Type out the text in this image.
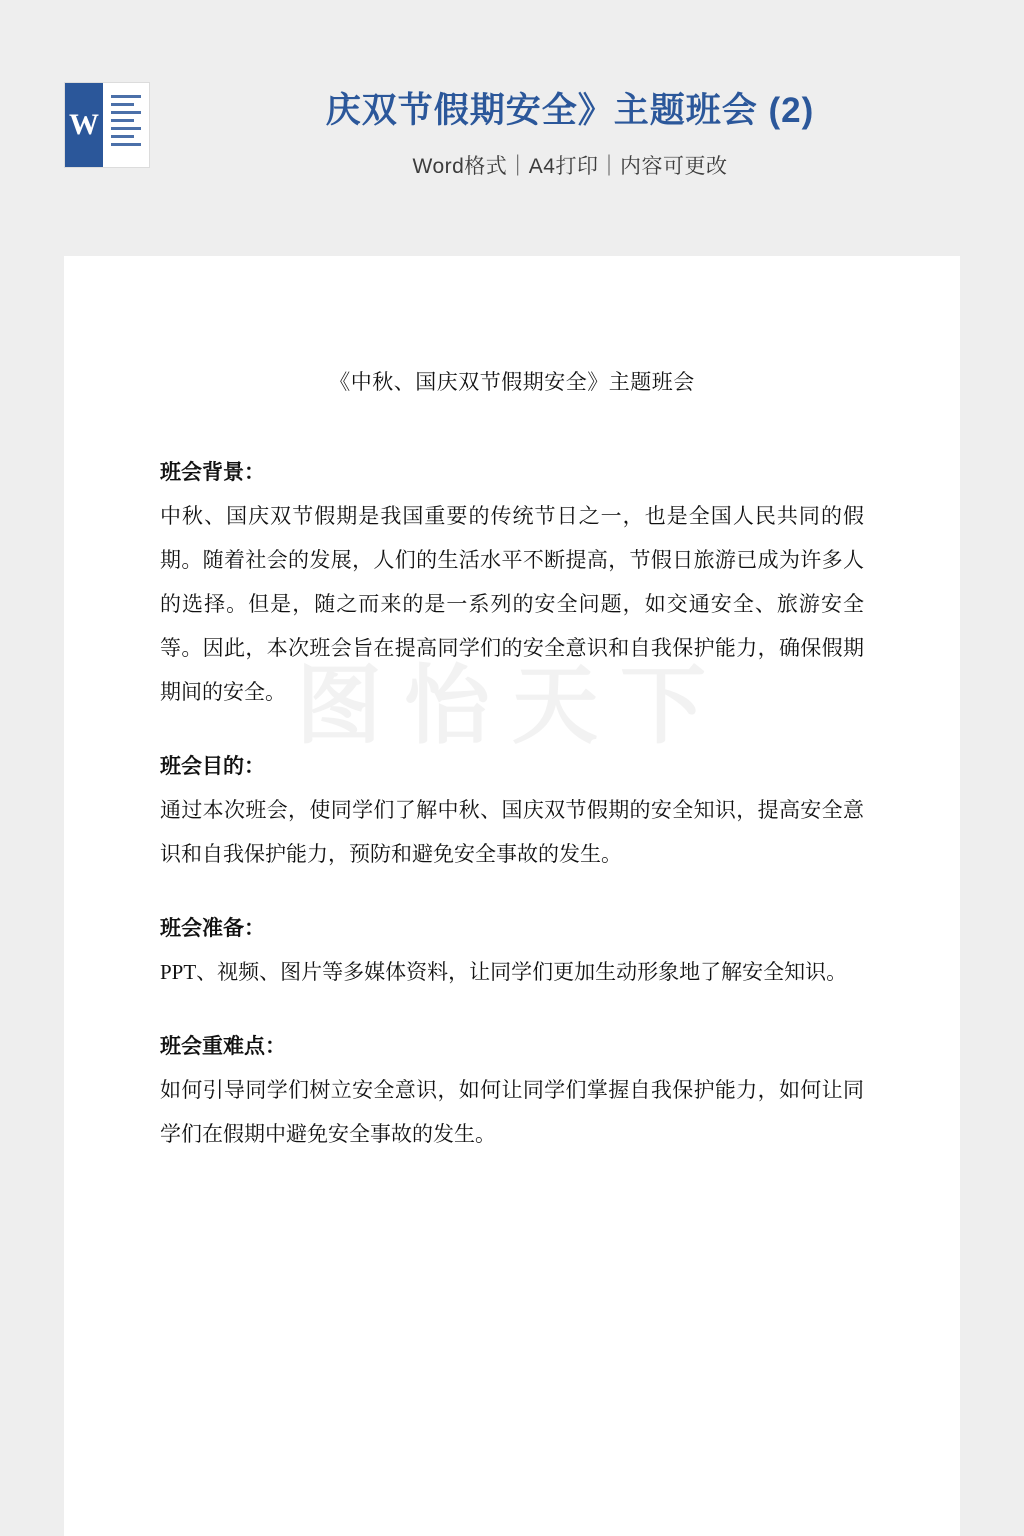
W	庆双节假期安全》主题班会 (2)
Word格式｜A4打印｜内容可更改
图怡天下
《中秋、国庆双节假期安全》主题班会
班会背景：
中秋、国庆双节假期是我国重要的传统节日之一，也是全国人民共同的假期。随着社会的发展，人们的生活水平不断提高，节假日旅游已成为许多人的选择。但是，随之而来的是一系列的安全问题，如交通安全、旅游安全等。因此，本次班会旨在提高同学们的安全意识和自我保护能力，确保假期期间的安全。
班会目的：
通过本次班会，使同学们了解中秋、国庆双节假期的安全知识，提高安全意识和自我保护能力，预防和避免安全事故的发生。
班会准备：
PPT、视频、图片等多媒体资料，让同学们更加生动形象地了解安全知识。
班会重难点：
如何引导同学们树立安全意识，如何让同学们掌握自我保护能力，如何让同学们在假期中避免安全事故的发生。
